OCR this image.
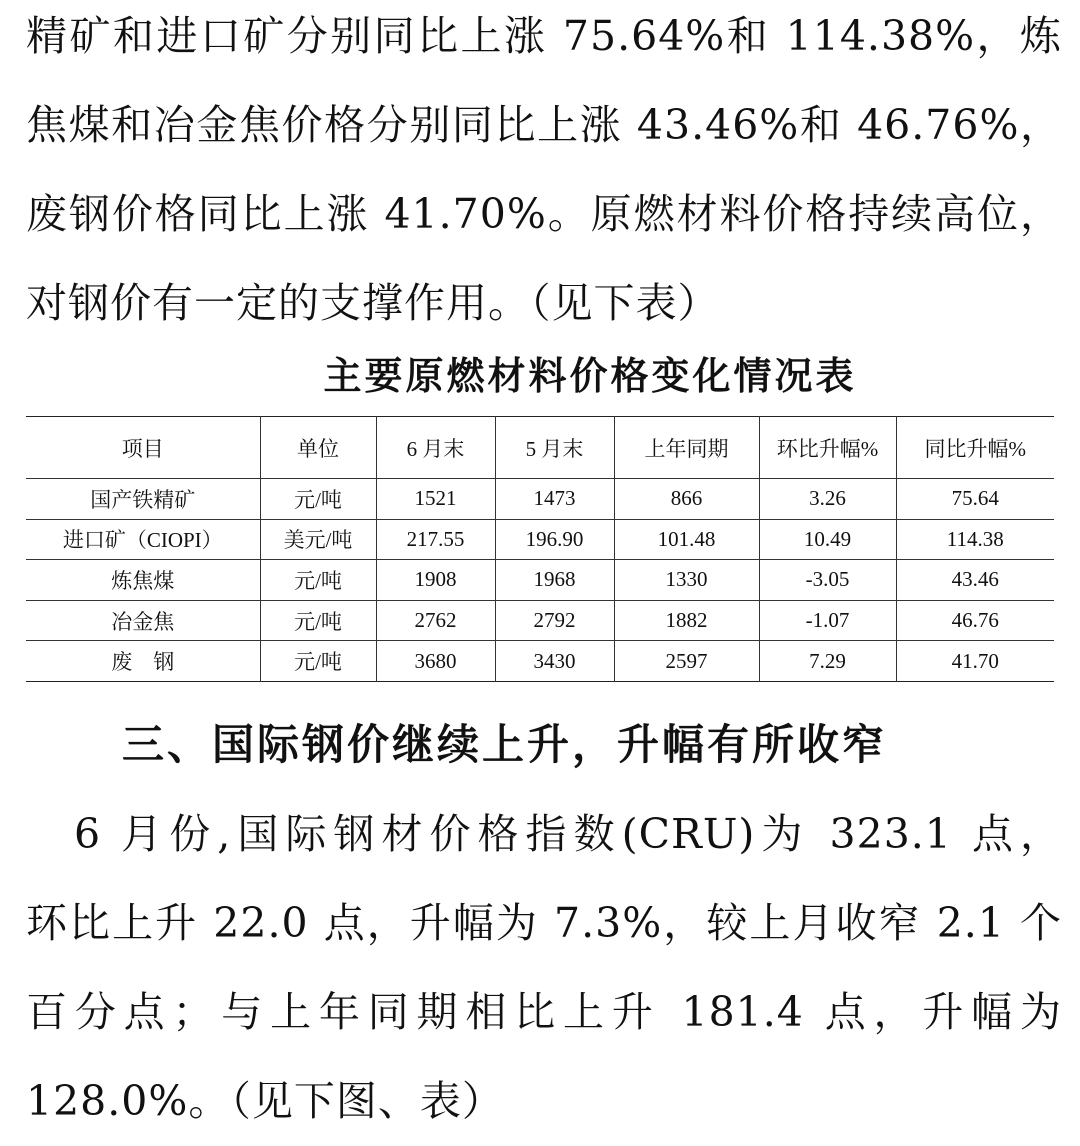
精矿和进口矿分别同比上涨 75.64%和 114.38%，炼
焦煤和冶金焦价格分别同比上涨 43.46%和 46.76%，
废钢价格同比上涨 41.70%。原燃材料价格持续高位，
对钢价有一定的支撑作用。（见下表）
主要原燃材料价格变化情况表
项目	单位	6 月末	5 月末	上年同期	环比升幅%	同比升幅%
国产铁精矿	元/吨	1521	1473	866	3.26	75.64
进口矿（CIOPI）	美元/吨	217.55	196.90	101.48	10.49	114.38
炼焦煤	元/吨	1908	1968	1330	-3.05	43.46
冶金焦	元/吨	2762	2792	1882	-1.07	46.76
废　钢	元/吨	3680	3430	2597	7.29	41.70
三、国际钢价继续上升，升幅有所收窄
　6 月份,国际钢材价格指数(CRU)为 323.1 点，
环比上升 22.0 点，升幅为 7.3%，较上月收窄 2.1 个
百分点；与上年同期相比上升 181.4 点，升幅为
128.0%。（见下图、表）
